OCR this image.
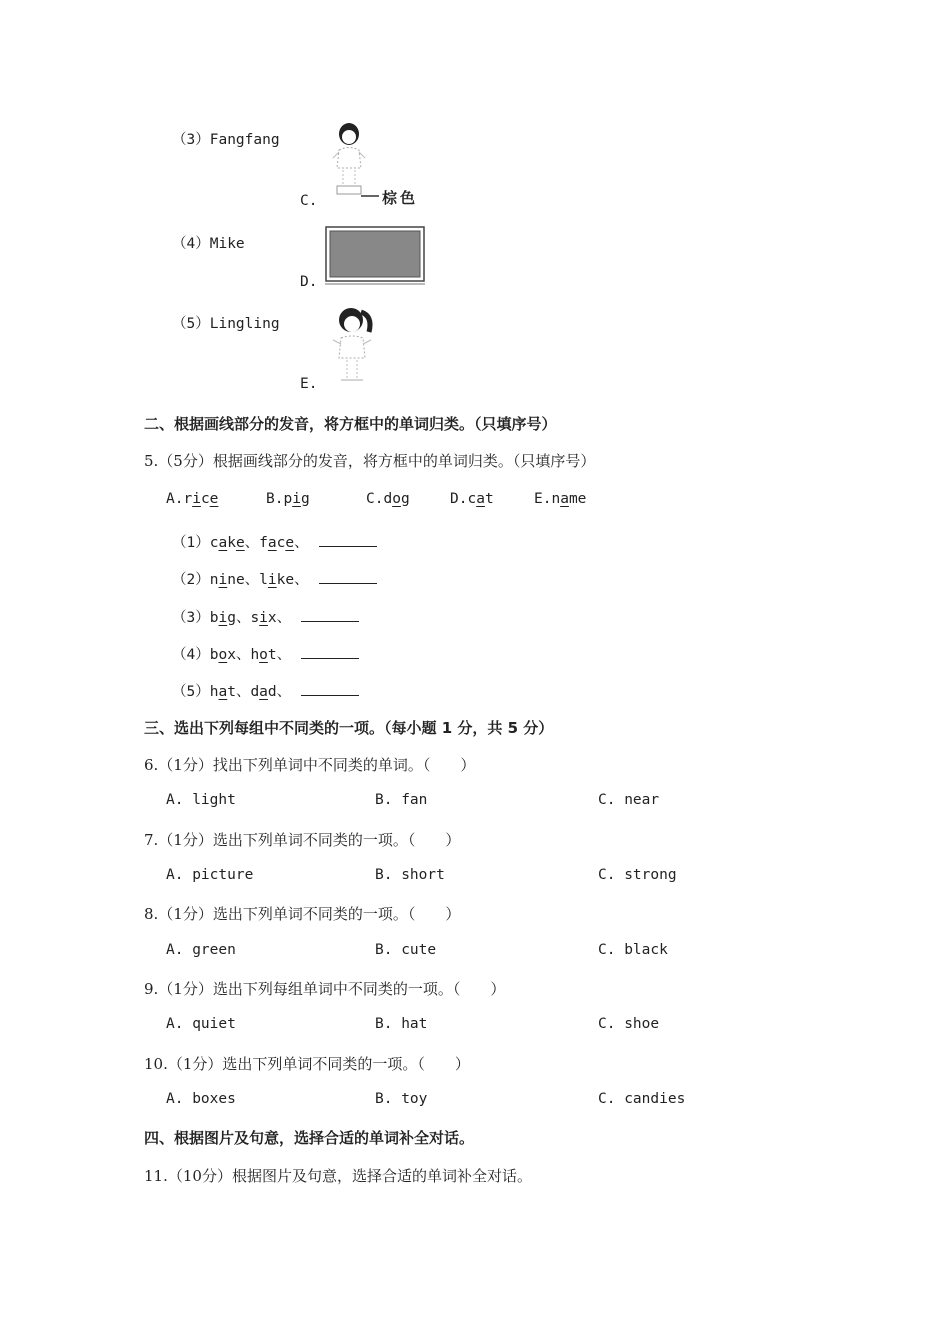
（3）Fangfang
C.	棕色
（4）Mike
D.
（5）Lingling
E.
二、根据画线部分的发音，将方框中的单词归类。（只填序号）
5.（5分）根据画线部分的发音，将方框中的单词归类。（只填序号）
A.rice	B.pig	C.dog	D.cat	E.name
（1）cake、face、
（2）nine、like、
（3）big、six、
（4）box、hot、
（5）hat、dad、
三、选出下列每组中不同类的一项。（每小题 1 分，共 5 分）
6.（1分）找出下列单词中不同类的单词。（　　）
A. light	B. fan	C. near
7.（1分）选出下列单词不同类的一项。（　　）
A. picture	B. short	C. strong
8.（1分）选出下列单词不同类的一项。（　　）
A. green	B. cute	C. black
9.（1分）选出下列每组单词中不同类的一项。（　　）
A. quiet	B. hat	C. shoe
10.（1分）选出下列单词不同类的一项。（　　）
A. boxes	B. toy	C. candies
四、根据图片及句意，选择合适的单词补全对话。
11.（10分）根据图片及句意，选择合适的单词补全对话。
